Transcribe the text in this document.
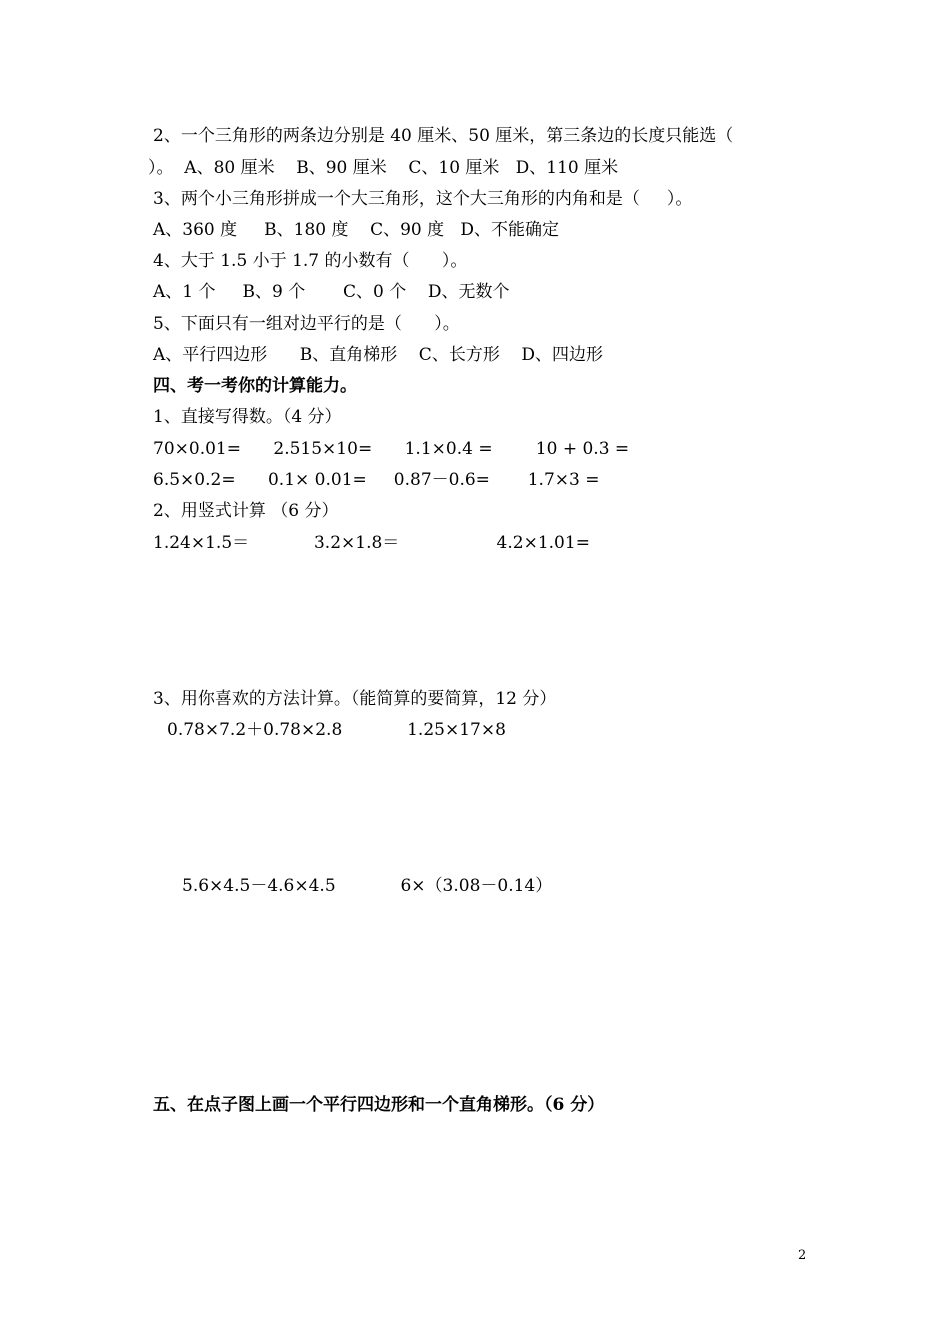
2、一个三角形的两条边分别是 40 厘米、50 厘米，第三条边的长度只能选（
）。  A、80 厘米    B、90 厘米    C、10 厘米   D、110 厘米
3、两个小三角形拼成一个大三角形，这个大三角形的内角和是（     ）。
A、360 度     B、180 度    C、90 度   D、不能确定
4、大于 1.5 小于 1.7 的小数有（      ）。
A、1 个     B、9 个       C、0 个    D、无数个
5、下面只有一组对边平行的是（      ）。
A、平行四边形      B、直角梯形    C、长方形    D、四边形
四、考一考你的计算能力。
1、直接写得数。（4 分）
70×0.01=      2.515×10=      1.1×0.4 =        10 + 0.3 =
6.5×0.2=      0.1× 0.01=     0.87－0.6=       1.7×3 =
2、用竖式计算 （6 分）
1.24×1.5＝            3.2×1.8＝                  4.2×1.01=
3、用你喜欢的方法计算。（能简算的要简算，12 分）
0.78×7.2＋0.78×2.8            1.25×17×8
5.6×4.5－4.6×4.5            6×（3.08－0.14）
五、在点子图上画一个平行四边形和一个直角梯形。（6 分）
2
